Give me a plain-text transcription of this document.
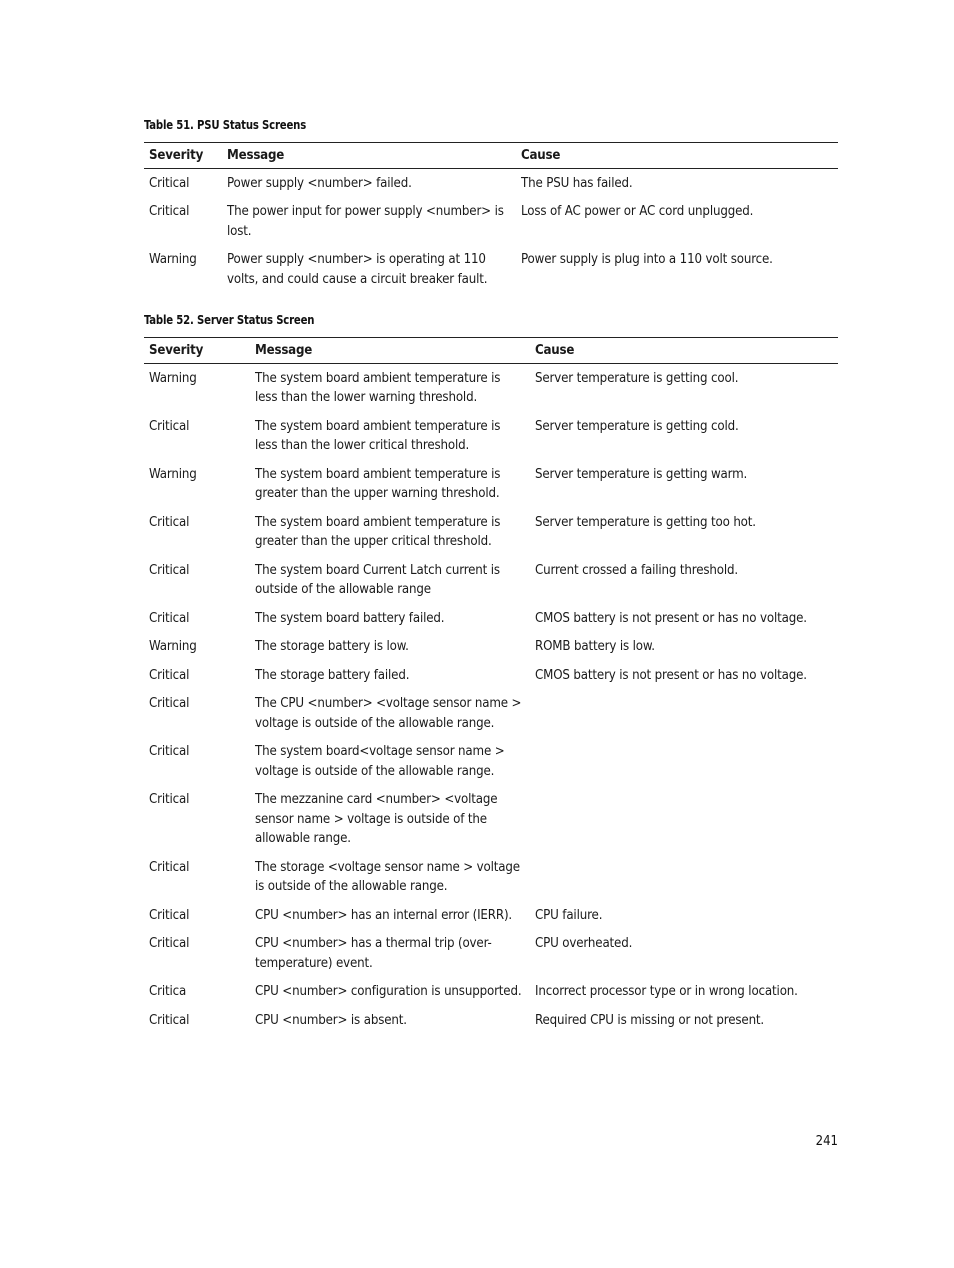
Table 51. PSU Status Screens
Severity	Message	Cause
Critical	Power supply <number> failed.	The PSU has failed.
Critical	The power input for power supply <number> is lost.	Loss of AC power or AC cord unplugged.
Warning	Power supply <number> is operating at 110 volts, and could cause a circuit breaker fault.	Power supply is plug into a 110 volt source.
Table 52. Server Status Screen
Severity	Message	Cause
Warning	The system board ambient temperature is less than the lower warning threshold.	Server temperature is getting cool.
Critical	The system board ambient temperature is less than the lower critical threshold.	Server temperature is getting cold.
Warning	The system board ambient temperature is greater than the upper warning threshold.	Server temperature is getting warm.
Critical	The system board ambient temperature is greater than the upper critical threshold.	Server temperature is getting too hot.
Critical	The system board Current Latch current is outside of the allowable range	Current crossed a failing threshold.
Critical	The system board battery failed.	CMOS battery is not present or has no voltage.
Warning	The storage battery is low.	ROMB battery is low.
Critical	The storage battery failed.	CMOS battery is not present or has no voltage.
Critical	The CPU <number> <voltage sensor name > voltage is outside of the allowable range.	
Critical	The system board<voltage sensor name > voltage is outside of the allowable range.	
Critical	The mezzanine card <number> <voltage sensor name > voltage is outside of the allowable range.	
Critical	The storage <voltage sensor name > voltage is outside of the allowable range.	
Critical	CPU <number> has an internal error (IERR).	CPU failure.
Critical	CPU <number> has a thermal trip (over-temperature) event.	CPU overheated.
Critica	CPU <number> configuration is unsupported.	Incorrect processor type or in wrong location.
Critical	CPU <number> is absent.	Required CPU is missing or not present.
241
